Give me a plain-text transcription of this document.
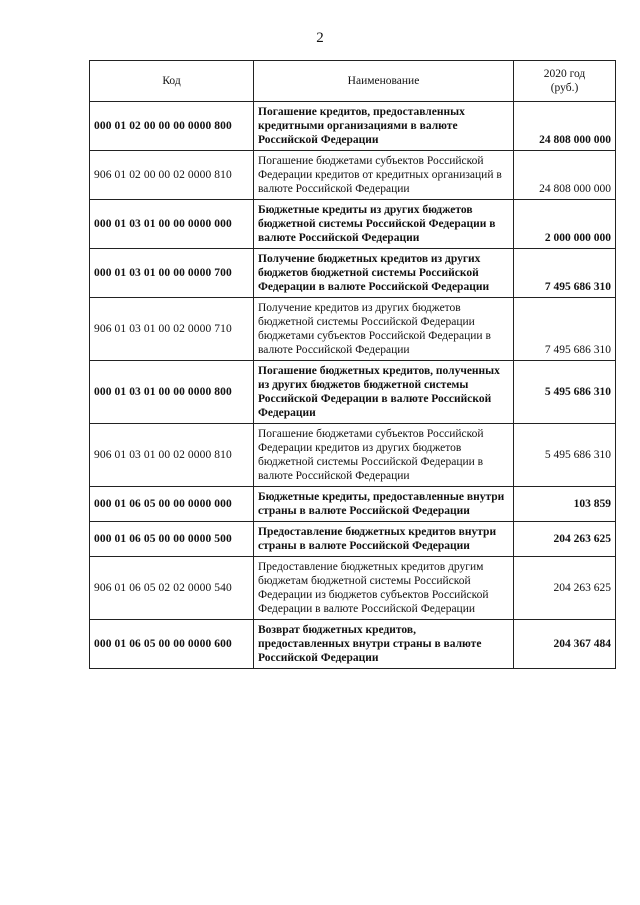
2
Код	Наименование	2020 год
(руб.)

000 01 02 00 00 00 0000 800	Погашение кредитов, предоставленных кредитными организациями в валюте Российской Федерации	24 808 000 000
906 01 02 00 00 02 0000 810	Погашение бюджетами субъектов Российской Федерации кредитов от кредитных организаций в валюте Российской Федерации	24 808 000 000
000 01 03 01 00 00 0000 000	Бюджетные кредиты из других бюджетов бюджетной системы Российской Федерации в валюте Российской Федерации	2 000 000 000
000 01 03 01 00 00 0000 700	Получение бюджетных кредитов из других бюджетов бюджетной системы Российской Федерации в валюте Российской Федерации	7 495 686 310
906 01 03 01 00 02 0000 710	Получение кредитов из других бюджетов бюджетной системы Российской Федерации бюджетами субъектов Российской Федерации в валюте Российской Федерации	7 495 686 310
000 01 03 01 00 00 0000 800	Погашение бюджетных кредитов, полученных из других бюджетов бюджетной системы Российской Федерации в валюте Российской Федерации	5 495 686 310
906 01 03 01 00 02 0000 810	Погашение бюджетами субъектов Российской Федерации кредитов из других бюджетов бюджетной системы Российской Федерации в валюте Российской Федерации	5 495 686 310
000 01 06 05 00 00 0000 000	Бюджетные кредиты, предоставленные внутри страны в валюте Российской Федерации	103 859
000 01 06 05 00 00 0000 500	Предоставление бюджетных кредитов внутри страны в валюте Российской Федерации	204 263 625
906 01 06 05 02 02 0000 540	Предоставление бюджетных кредитов другим бюджетам бюджетной системы Российской Федерации из бюджетов субъектов Российской Федерации в валюте Российской Федерации	204 263 625
000 01 06 05 00 00 0000 600	Возврат бюджетных кредитов, предоставленных внутри страны в валюте Российской Федерации	204 367 484
